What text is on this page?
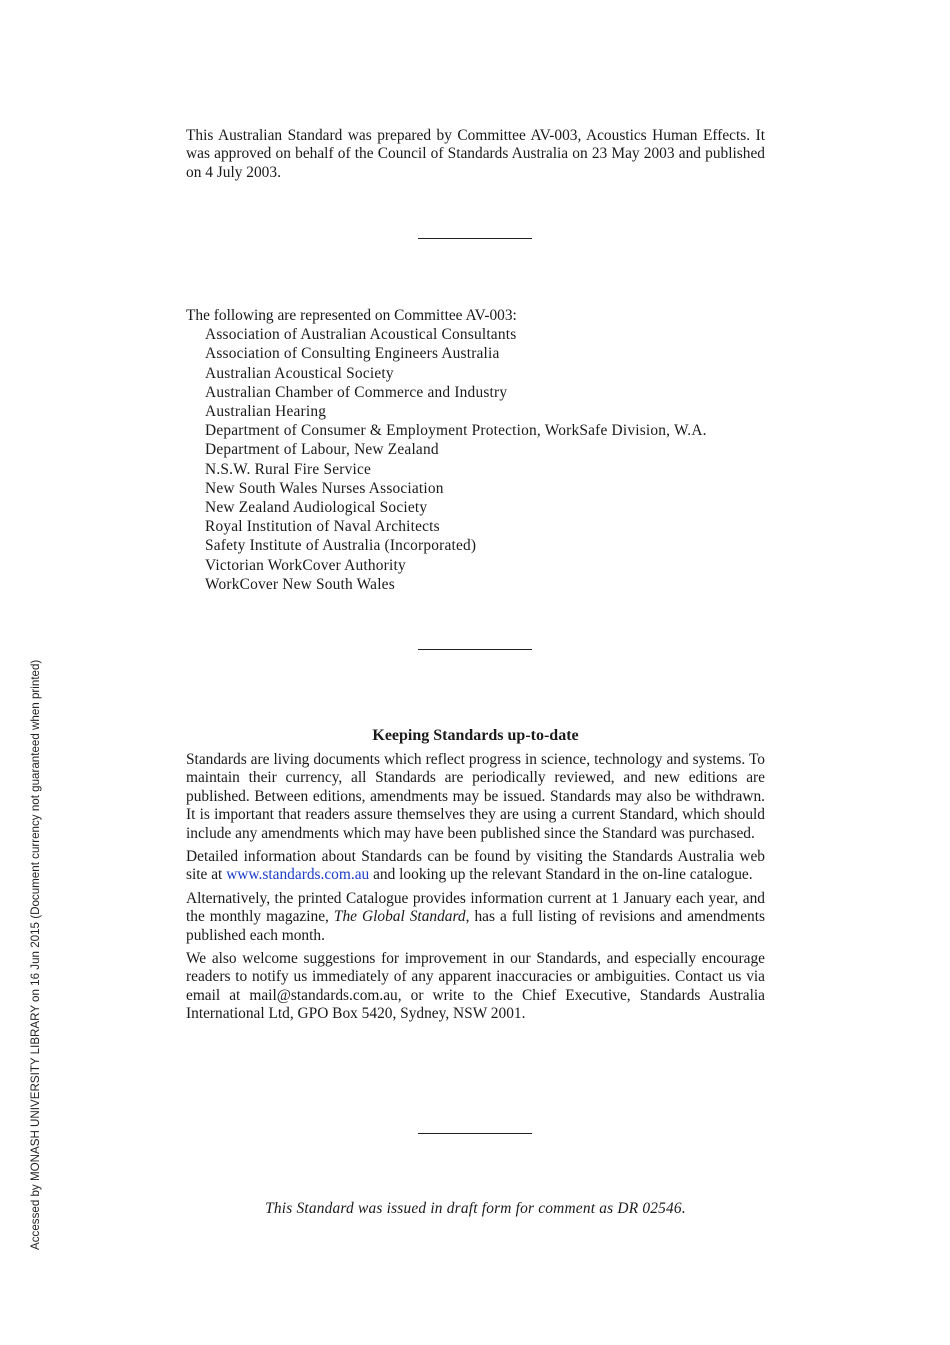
This Australian Standard was prepared by Committee AV-003, Acoustics Human Effects. It was approved on behalf of the Council of Standards Australia on 23 May 2003 and published on 4 July 2003.

The following are represented on Committee AV-003:

Association of Australian Acoustical Consultants
Association of Consulting Engineers Australia
Australian Acoustical Society
Australian Chamber of Commerce and Industry
Australian Hearing
Department of Consumer & Employment Protection, WorkSafe Division, W.A.
Department of Labour, New Zealand
N.S.W. Rural Fire Service
New South Wales Nurses Association
New Zealand Audiological Society
Royal Institution of Naval Architects
Safety Institute of Australia (Incorporated)
Victorian WorkCover Authority
WorkCover New South Wales
Keeping Standards up-to-date

Standards are living documents which reflect progress in science, technology and systems. To maintain their currency, all Standards are periodically reviewed, and new editions are published. Between editions, amendments may be issued. Standards may also be withdrawn. It is important that readers assure themselves they are using a current Standard, which should include any amendments which may have been published since the Standard was purchased.

Detailed information about Standards can be found by visiting the Standards Australia web site at www.standards.com.au and looking up the relevant Standard in the on-line catalogue.

Alternatively, the printed Catalogue provides information current at 1 January each year, and the monthly magazine, The Global Standard, has a full listing of revisions and amendments published each month.

We also welcome suggestions for improvement in our Standards, and especially encourage readers to notify us immediately of any apparent inaccuracies or ambiguities. Contact us via email at mail@standards.com.au, or write to the Chief Executive, Standards Australia International Ltd, GPO Box 5420, Sydney, NSW 2001.

This Standard was issued in draft form for comment as DR 02546.
Accessed by MONASH UNIVERSITY LIBRARY on 16 Jun 2015 (Document currency not guaranteed when printed)
